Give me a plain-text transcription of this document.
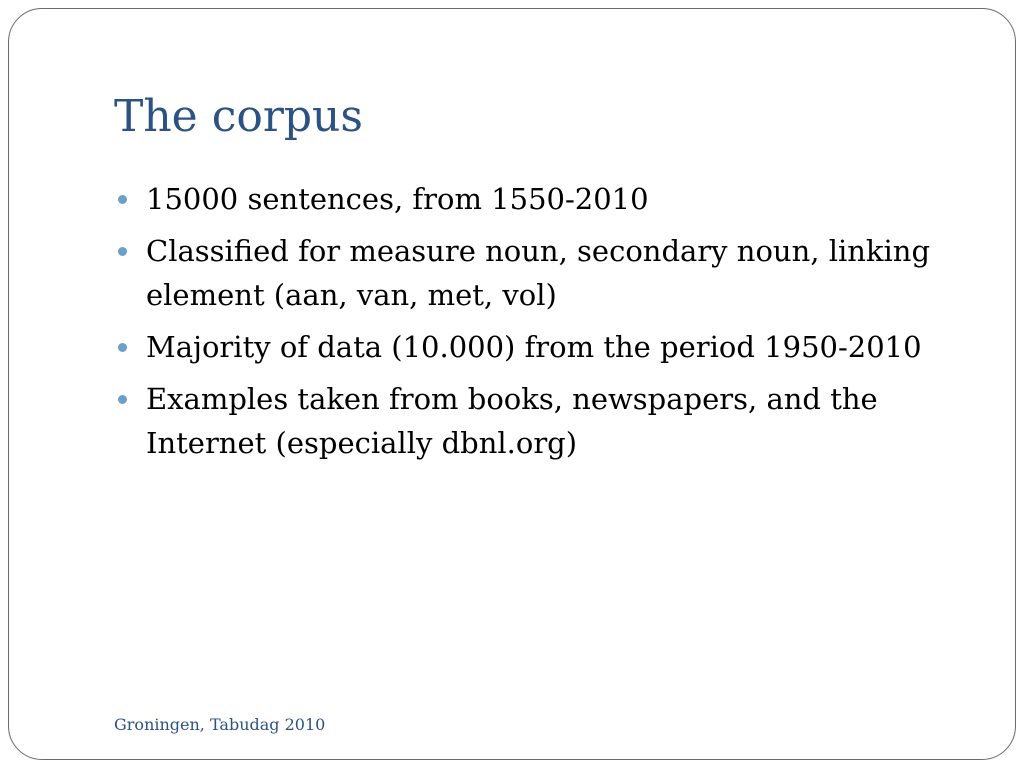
The corpus
15000 sentences, from 1550-2010
Classified for measure noun, secondary noun, linking element (aan, van, met, vol)
Majority of data (10.000) from the period 1950-2010
Examples taken from books, newspapers, and the Internet (especially dbnl.org)
Groningen, Tabudag 2010
